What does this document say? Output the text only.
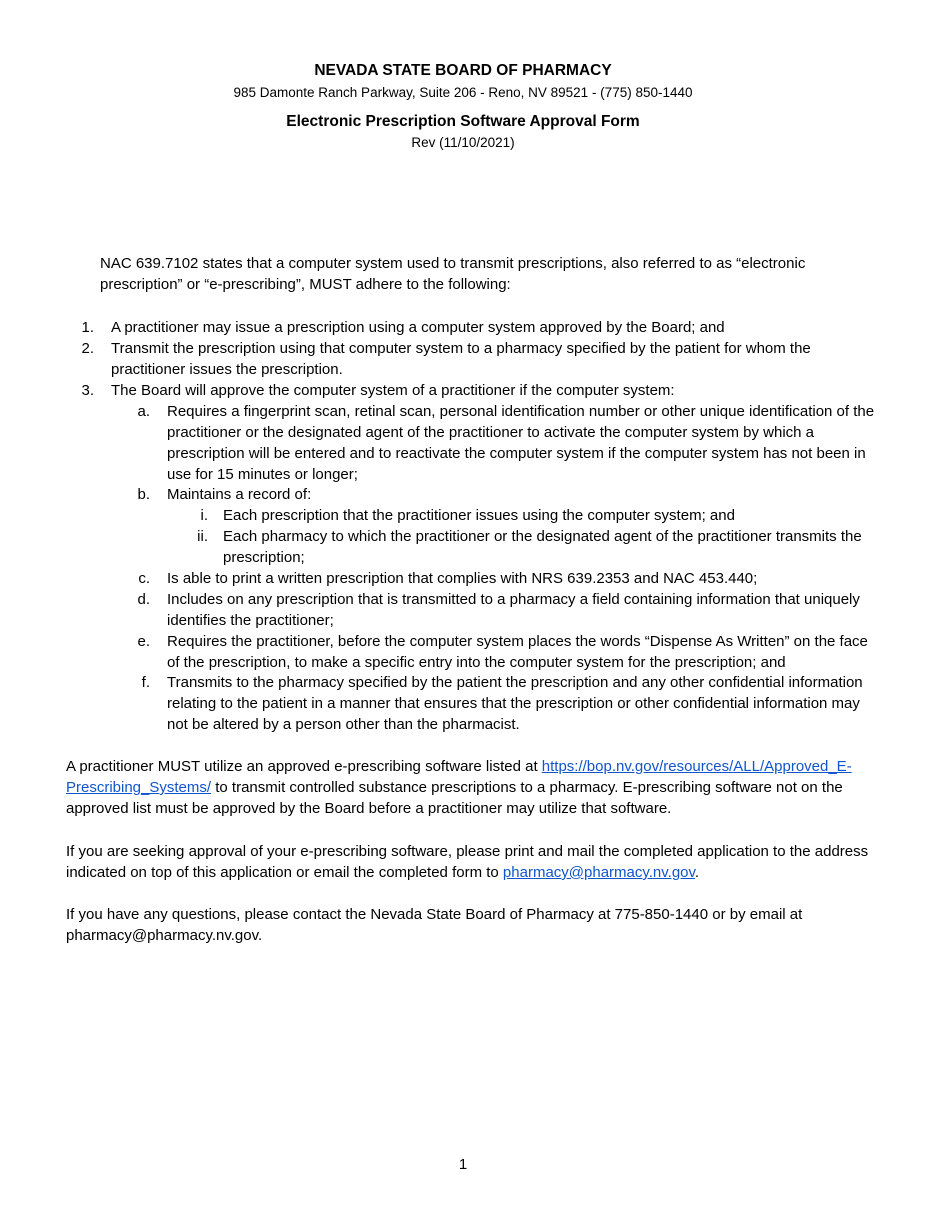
NEVADA STATE BOARD OF PHARMACY
985 Damonte Ranch Parkway, Suite 206 - Reno, NV 89521 - (775) 850-1440
Electronic Prescription Software Approval Form
Rev (11/10/2021)
NAC 639.7102 states that a computer system used to transmit prescriptions, also referred to as “electronic prescription” or “e-prescribing”, MUST adhere to the following:
1. A practitioner may issue a prescription using a computer system approved by the Board; and
2. Transmit the prescription using that computer system to a pharmacy specified by the patient for whom the practitioner issues the prescription.
3. The Board will approve the computer system of a practitioner if the computer system:
a. Requires a fingerprint scan, retinal scan, personal identification number or other unique identification of the practitioner or the designated agent of the practitioner to activate the computer system by which a prescription will be entered and to reactivate the computer system if the computer system has not been in use for 15 minutes or longer;
b. Maintains a record of:
i. Each prescription that the practitioner issues using the computer system; and
ii. Each pharmacy to which the practitioner or the designated agent of the practitioner transmits the prescription;
c. Is able to print a written prescription that complies with NRS 639.2353 and NAC 453.440;
d. Includes on any prescription that is transmitted to a pharmacy a field containing information that uniquely identifies the practitioner;
e. Requires the practitioner, before the computer system places the words “Dispense As Written” on the face of the prescription, to make a specific entry into the computer system for the prescription; and
f. Transmits to the pharmacy specified by the patient the prescription and any other confidential information relating to the patient in a manner that ensures that the prescription or other confidential information may not be altered by a person other than the pharmacist.
A practitioner MUST utilize an approved e-prescribing software listed at https://bop.nv.gov/resources/ALL/Approved_E-Prescribing_Systems/ to transmit controlled substance prescriptions to a pharmacy. E-prescribing software not on the approved list must be approved by the Board before a practitioner may utilize that software.
If you are seeking approval of your e-prescribing software, please print and mail the completed application to the address indicated on top of this application or email the completed form to pharmacy@pharmacy.nv.gov.
If you have any questions, please contact the Nevada State Board of Pharmacy at 775-850-1440 or by email at pharmacy@pharmacy.nv.gov.
1
